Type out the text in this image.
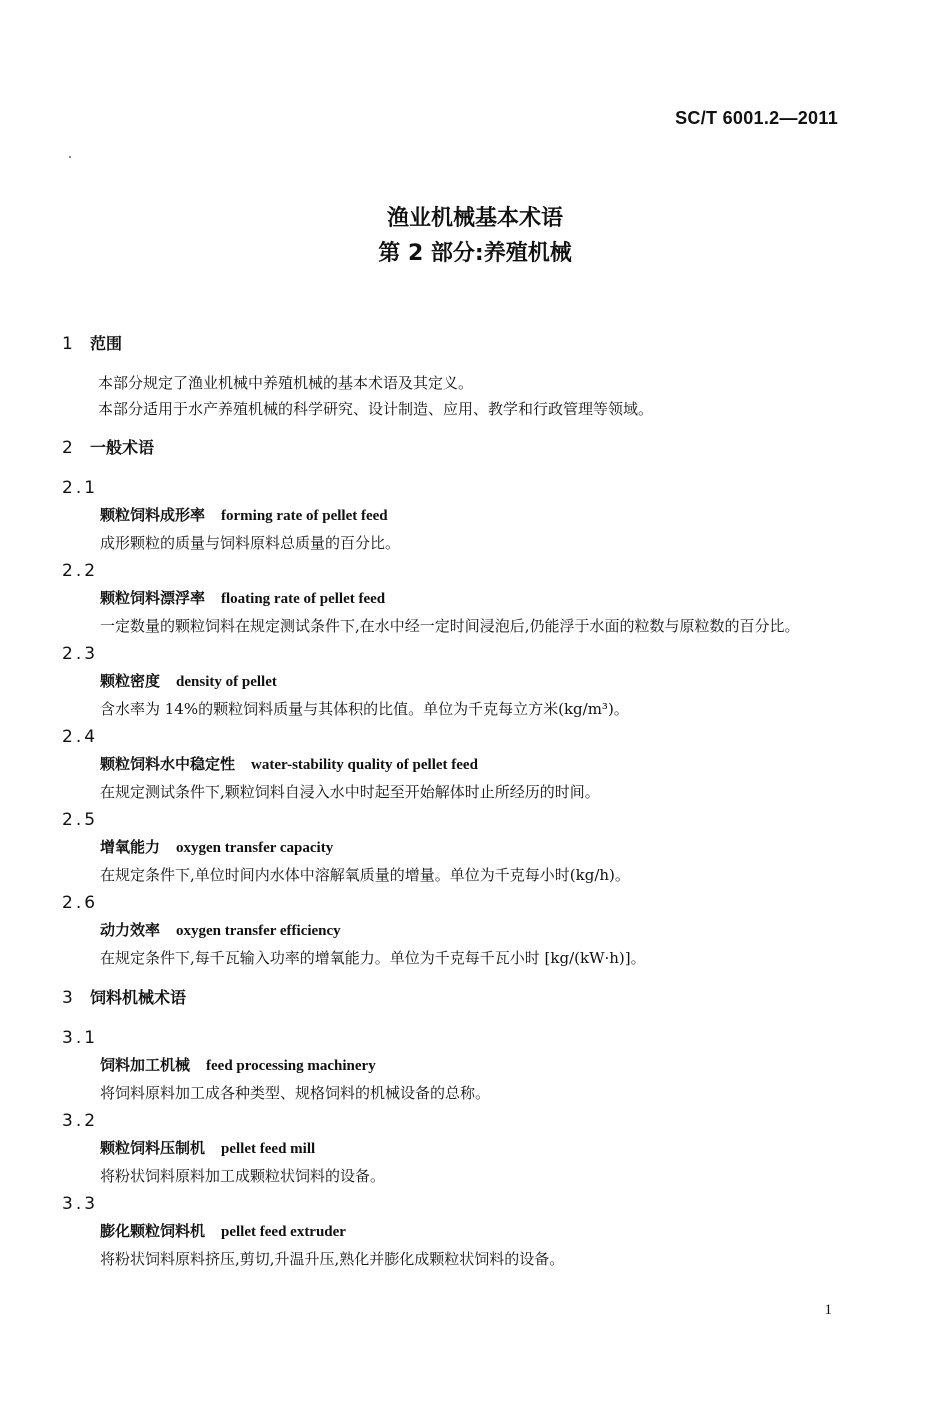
SC/T 6001.2—2011
渔业机械基本术语
第 2 部分:养殖机械
1	范围
本部分规定了渔业机械中养殖机械的基本术语及其定义。
本部分适用于水产养殖机械的科学研究、设计制造、应用、教学和行政管理等领域。
2	一般术语
2.1
颗粒饲料成形率 forming rate of pellet feed
成形颗粒的质量与饲料原料总质量的百分比。
2.2
颗粒饲料漂浮率 floating rate of pellet feed
一定数量的颗粒饲料在规定测试条件下,在水中经一定时间浸泡后,仍能浮于水面的粒数与原粒数的百分比。
2.3
颗粒密度 density of pellet
含水率为 14%的颗粒饲料质量与其体积的比值。单位为千克每立方米(kg/m³)。
2.4
颗粒饲料水中稳定性 water-stability quality of pellet feed
在规定测试条件下,颗粒饲料自浸入水中时起至开始解体时止所经历的时间。
2.5
增氧能力 oxygen transfer capacity
在规定条件下,单位时间内水体中溶解氧质量的增量。单位为千克每小时(kg/h)。
2.6
动力效率 oxygen transfer efficiency
在规定条件下,每千瓦输入功率的增氧能力。单位为千克每千瓦小时 [kg/(kW·h)]。
3	饲料机械术语
3.1
饲料加工机械 feed processing machinery
将饲料原料加工成各种类型、规格饲料的机械设备的总称。
3.2
颗粒饲料压制机 pellet feed mill
将粉状饲料原料加工成颗粒状饲料的设备。
3.3
膨化颗粒饲料机 pellet feed extruder
将粉状饲料原料挤压,剪切,升温升压,熟化并膨化成颗粒状饲料的设备。
1
